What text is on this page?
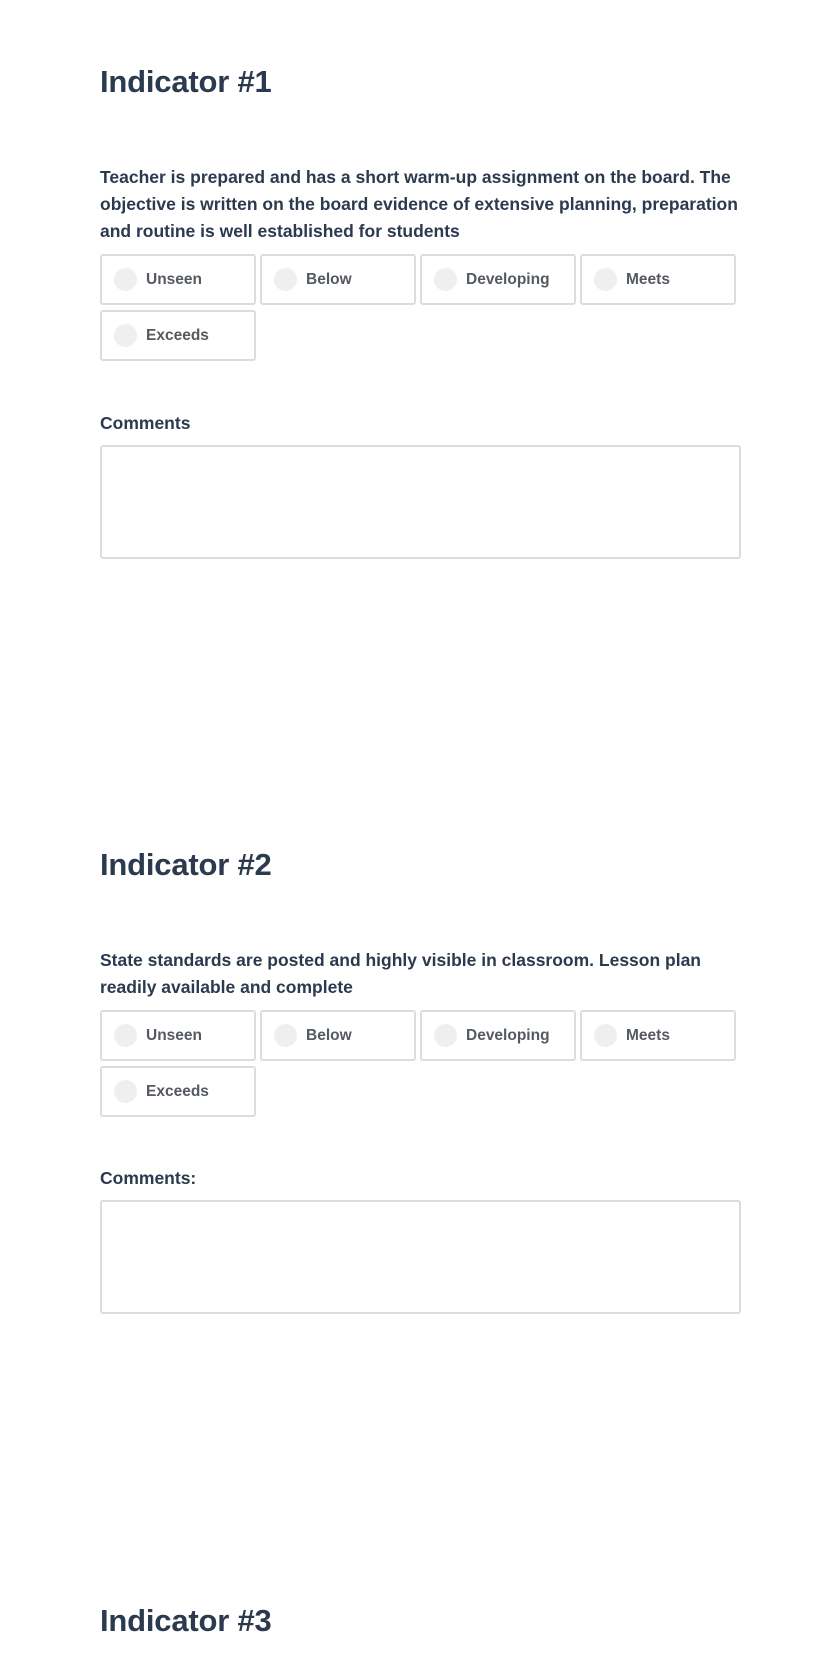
Indicator #1

Teacher is prepared and has a short warm-up assignment on the board. The objective is written on the board evidence of extensive planning, preparation and routine is well established for students

Unseen	Below	Developing	Meets
Exceeds
Comments
Indicator #2

State standards are posted and highly visible in classroom. Lesson plan readily available and complete

Unseen	Below	Developing	Meets
Exceeds
Comments:
Indicator #3
